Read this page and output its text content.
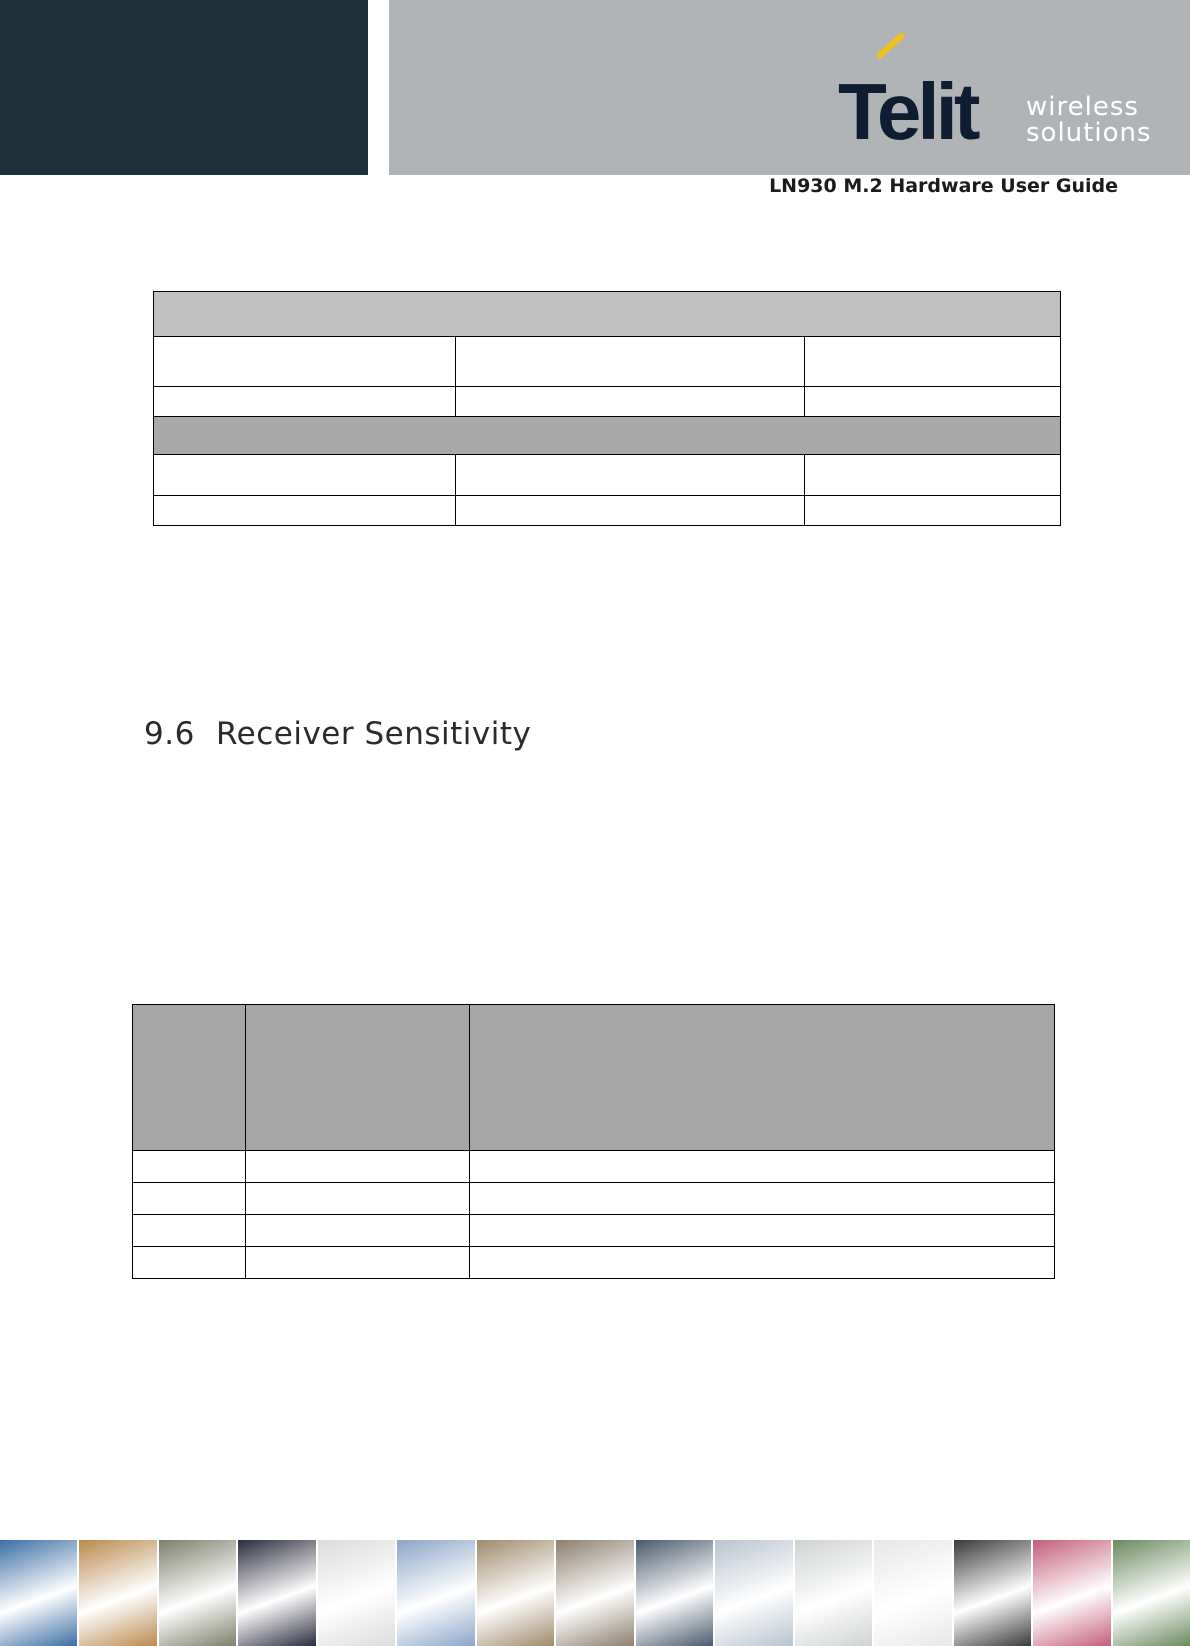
Telit wireless
solutions
LN930 M.2 Hardware User Guide

9.6 Receiver Sensitivity
